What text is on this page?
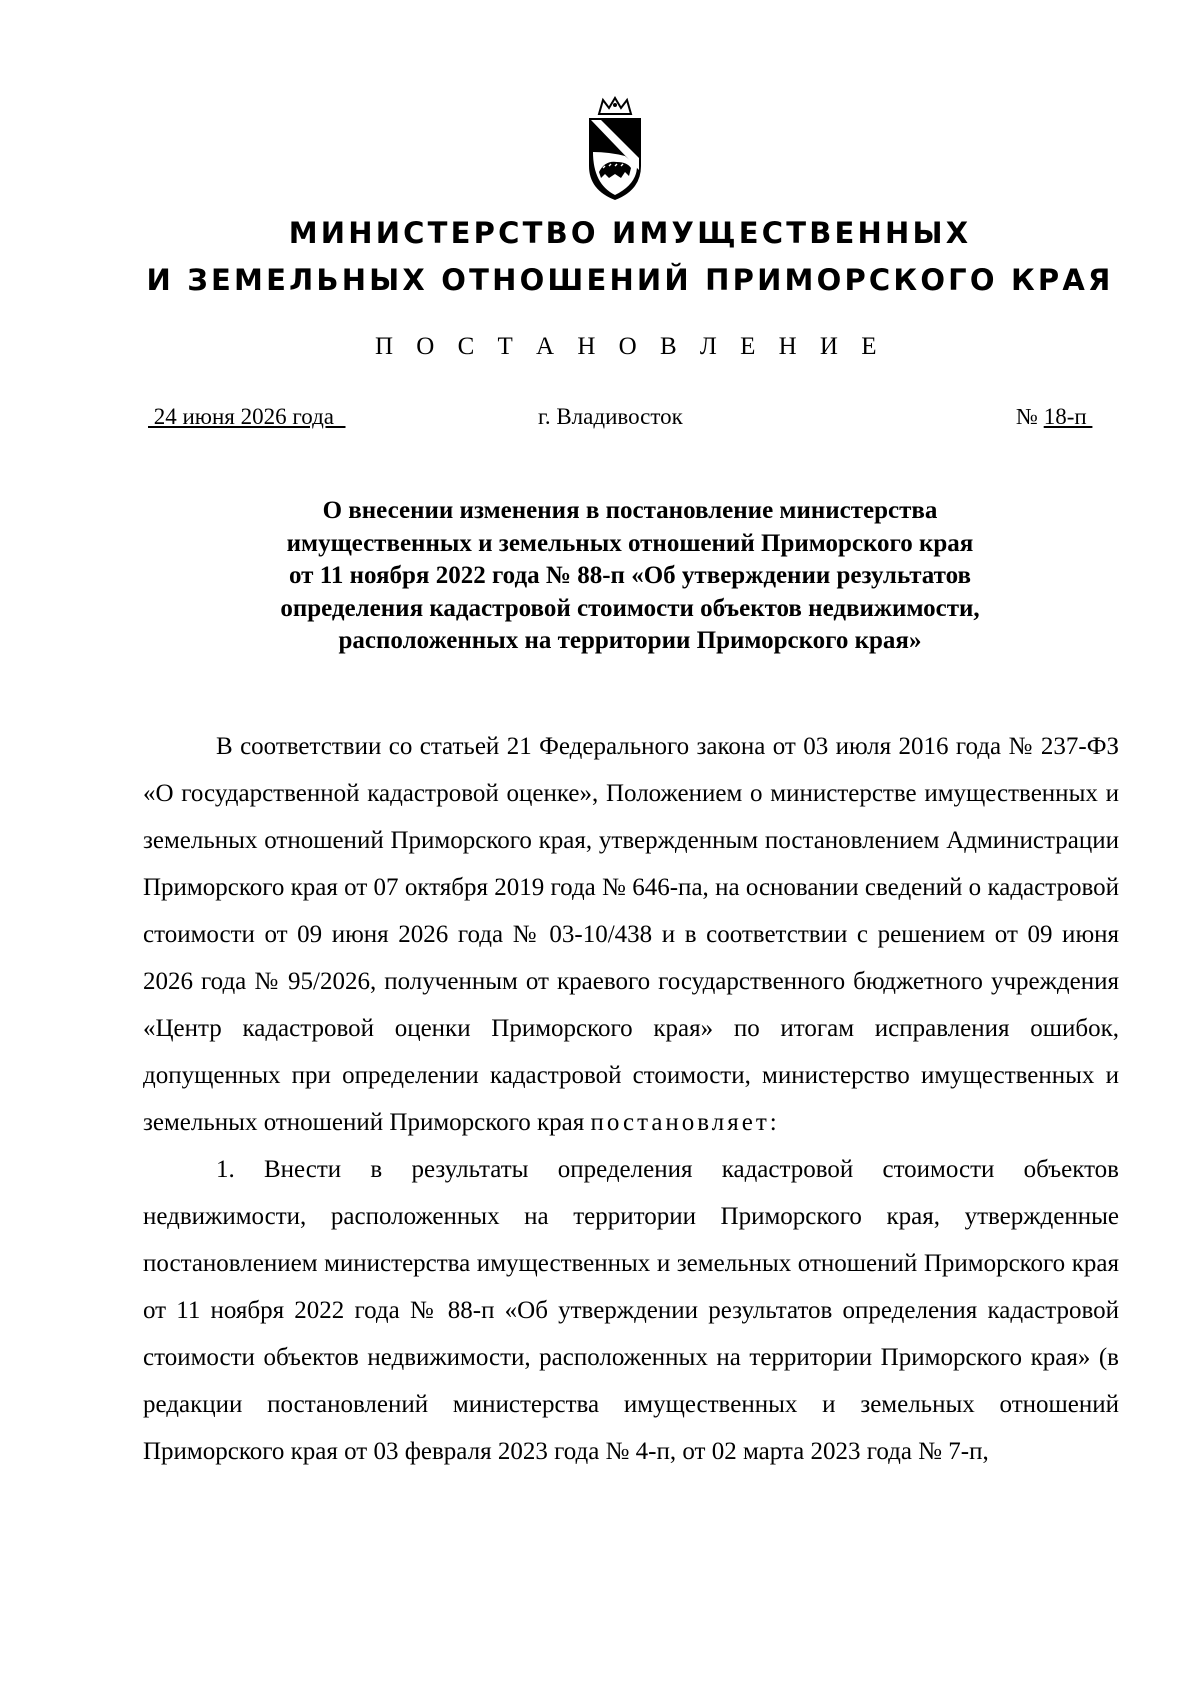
МИНИСТЕРСТВО ИМУЩЕСТВЕННЫХ
И ЗЕМЕЛЬНЫХ ОТНОШЕНИЙ ПРИМОРСКОГО КРАЯ
П О С Т А Н О В Л Е Н И Е
24 июня 2026 года	г. Владивосток	№ 18-п
О внесении изменения в постановление министерства
имущественных и земельных отношений Приморского края
от 11 ноября 2022 года № 88-п «Об утверждении результатов
определения кадастровой стоимости объектов недвижимости,
расположенных на территории Приморского края»

В соответствии со статьей 21 Федерального закона от 03 июля 2016 года № 237-ФЗ «О государственной кадастровой оценке», Положением о министерстве имущественных и земельных отношений Приморского края, утвержденным постановлением Администрации Приморского края от 07 октября 2019 года № 646-па, на основании сведений о кадастровой стоимости от 09 июня 2026 года № 03-10/438 и в соответствии с решением от 09 июня 2026 года № 95/2026, полученным от краевого государственного бюджетного учреждения «Центр кадастровой оценки Приморского края» по итогам исправления ошибок, допущенных при определении кадастровой стоимости, министерство имущественных и земельных отношений Приморского края постановляет:

1. Внести в результаты определения кадастровой стоимости объектов недвижимости, расположенных на территории Приморского края, утвержденные постановлением министерства имущественных и земельных отношений Приморского края от 11 ноября 2022 года № 88-п «Об утверждении результатов определения кадастровой стоимости объектов недвижимости, расположенных на территории Приморского края» (в редакции постановлений министерства имущественных и земельных отношений Приморского края от 03 февраля 2023 года № 4-п, от 02 марта 2023 года № 7-п,
